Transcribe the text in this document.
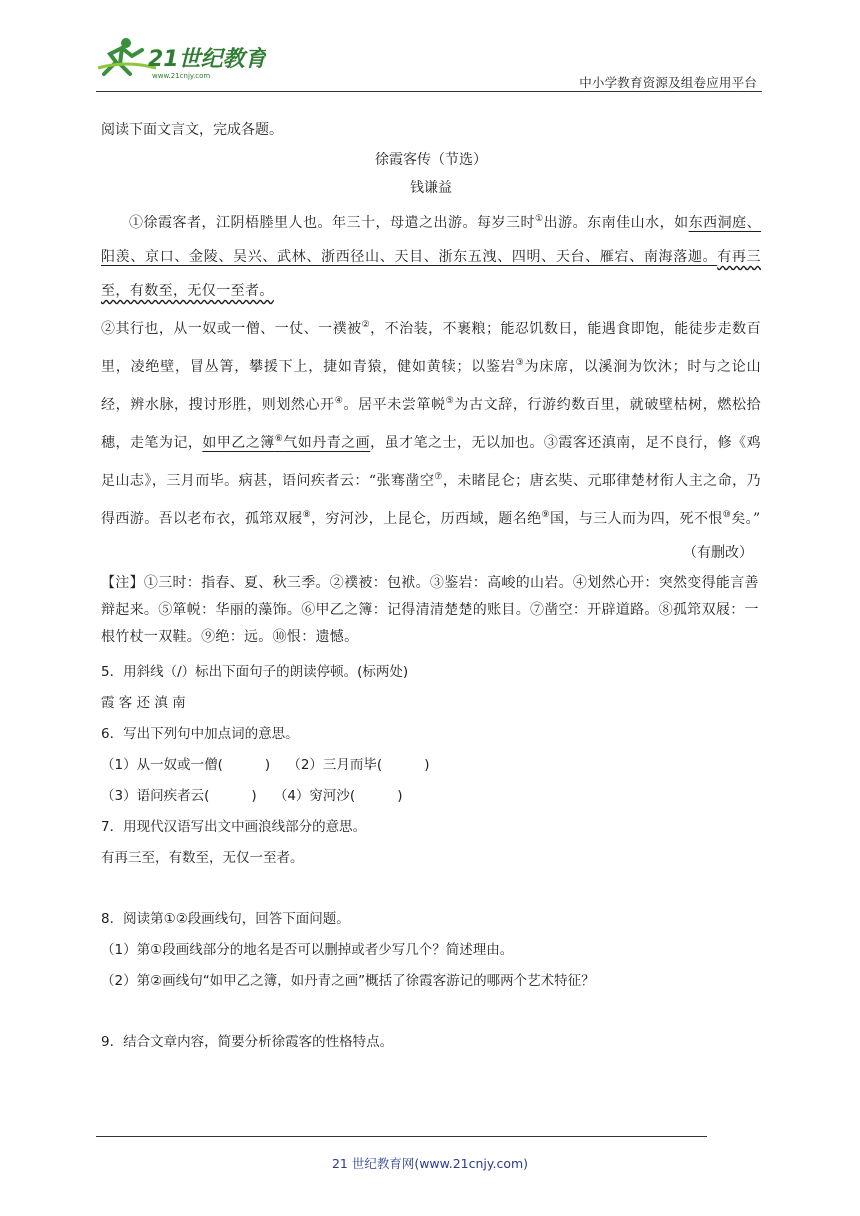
21世纪教育
www.21cnjy.com	中小学教育资源及组卷应用平台

阅读下面文言文，完成各题。

徐霞客传（节选）

钱谦益

①徐霞客者，江阴梧塍里人也。年三十，母遣之出游。每岁三时①出游。东南佳山水，如东西洞庭、阳羡、京口、金陵、吴兴、武林、浙西径山、天目、浙东五洩、四明、天台、雁宕、南海落迦。有再三至，有数至，无仅一至者。

②其行也，从一奴或一僧、一仗、一襆被②，不治装，不裹粮；能忍饥数日，能遇食即饱，能徒步走数百里，凌绝壁，冒丛箐，攀援下上，捷如青猿，健如黄犊；以鉴岩③为床席，以溪涧为饮沐；时与之论山经，辨水脉，搜讨形胜，则划然心开④。居平未尝箪帨⑤为古文辞，行游约数百里，就破壁枯树，燃松拾穗，走笔为记，如甲乙之簿⑥气如丹青之画，虽才笔之士，无以加也。③霞客还滇南，足不良行，修《鸡足山志》，三月而毕。病甚，语问疾者云：“张骞凿空⑦，未睹昆仑；唐玄奘、元耶律楚材衔人主之命，乃得西游。吾以老布衣，孤筇双屐⑧，穷河沙，上昆仑，历西域，题名绝⑨国，与三人而为四，死不恨⑩矣。”

（有删改）

【注】①三时：指春、夏、秋三季。②襆被：包袱。③鉴岩：高峻的山岩。④划然心开：突然变得能言善 辩起来。⑤箪帨：华丽的藻饰。⑥甲乙之簿：记得清清楚楚的账目。⑦凿空：开辟道路。⑧孤筇双屐：一根竹杖一双鞋。⑨绝：远。⑩恨：遗憾。

5．用斜线（/）标出下面句子的朗读停顿。(标两处)

霞 客 还 滇 南

6．写出下列句中加点词的意思。

（1）从 ·一奴或一僧(	) （2）三月而毕 ·(	)

（3）语 ·问疾者云(	) （4）穷 ·河沙(	)

7．用现代汉语写出文中画浪线部分的意思。

有再三至，有数至，无仅一至者。

8．阅读第①②段画线句，回答下面问题。

（1）第①段画线部分的地名是否可以删掉或者少写几个？简述理由。

（2）第②画线句“如甲乙之簿，如丹青之画”概括了徐霞客游记的哪两个艺术特征？

9．结合文章内容，简要分析徐霞客的性格特点。

21 世纪教育网(www.21cnjy.com)
